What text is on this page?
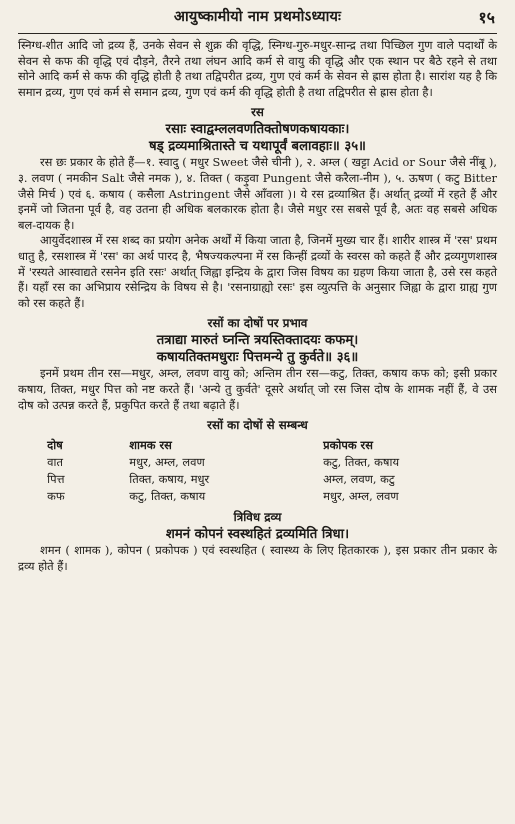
आयुष्कामीयो नाम प्रथमोऽध्यायः	१५

स्निग्ध-शीत आदि जो द्रव्य हैं, उनके सेवन से शुक्र की वृद्धि, स्निग्ध-गुरु-मधुर-सान्द्र तथा पिच्छिल गुण वाले पदार्थों के सेवन से कफ की वृद्धि एवं दौड़ने, तैरने तथा लंघन आदि कर्म से वायु की वृद्धि और एक स्थान पर बैठे रहने से तथा सोने आदि कर्म से कफ की वृद्धि होती है तथा तद्विपरीत द्रव्य, गुण एवं कर्म के सेवन से ह्रास होता है। सारांश यह है कि समान द्रव्य, गुण एवं कर्म से समान द्रव्य, गुण एवं कर्म की वृद्धि होती है तथा तद्विपरीत से ह्रास होता है।

रस
रसाः स्वाद्वम्ललवणतिक्तोषणकषायकाः।
षड् द्रव्यमाश्रितास्ते च यथापूर्वं बलावहाः॥ ३५॥

रस छः प्रकार के होते हैं—१. स्वादु ( मधुर Sweet जैसे चीनी ), २. अम्ल ( खट्टा Acid or Sour जैसे नींबू ), ३. लवण ( नमकीन Salt जैसे नमक ), ४. तिक्त ( कड़ुवा Pungent जैसे करैला-नीम ), ५. ऊषण ( कटु Bitter जैसे मिर्च ) एवं ६. कषाय ( कसैला Astringent जैसे आँवला )। ये रस द्रव्याश्रित हैं। अर्थात् द्रव्यों में रहते हैं और इनमें जो जितना पूर्व है, वह उतना ही अधिक बलकारक होता है। जैसे मधुर रस सबसे पूर्व है, अतः वह सबसे अधिक बल-दायक है।

आयुर्वेदशास्त्र में रस शब्द का प्रयोग अनेक अर्थों में किया जाता है, जिनमें मुख्य चार हैं। शारीर शास्त्र में 'रस' प्रथम धातु है, रसशास्त्र में 'रस' का अर्थ पारद है, भैषज्यकल्पना में रस किन्हीं द्रव्यों के स्वरस को कहते हैं और द्रव्यगुणशास्त्र में 'रस्यते आस्वाद्यते रसनेन इति रसः' अर्थात् जिह्वा इन्द्रिय के द्वारा जिस विषय का ग्रहण किया जाता है, उसे रस कहते हैं। यहाँ रस का अभिप्राय रसेन्द्रिय के विषय से है। 'रसनाग्राह्यो रसः' इस व्युत्पत्ति के अनुसार जिह्वा के द्वारा ग्राह्य गुण को रस कहते हैं।

रसों का दोषों पर प्रभाव
तत्राद्या मारुतं घ्नन्ति त्रयस्तिक्तादयः कफम्।
कषायतिक्तमधुराः पित्तमन्ये तु कुर्वते॥ ३६॥

इनमें प्रथम तीन रस—मधुर, अम्ल, लवण वायु को; अन्तिम तीन रस—कटु, तिक्त, कषाय कफ को; इसी प्रकार कषाय, तिक्त, मधुर पित्त को नष्ट करते हैं। 'अन्ये तु कुर्वते' दूसरे अर्थात् जो रस जिस दोष के शामक नहीं हैं, वे उस दोष को उत्पन्न करते हैं, प्रकुपित करते हैं तथा बढ़ाते हैं।

रसों का दोषों से सम्बन्ध
दोष	शामक रस	प्रकोपक रस
वात	मधुर, अम्ल, लवण	कटु, तिक्त, कषाय
पित्त	तिक्त, कषाय, मधुर	अम्ल, लवण, कटु
कफ	कटु, तिक्त, कषाय	मधुर, अम्ल, लवण
त्रिविध द्रव्य
शमनं कोपनं स्वस्थहितं द्रव्यमिति त्रिधा।

शमन ( शामक ), कोपन ( प्रकोपक ) एवं स्वस्थहित ( स्वास्थ्य के लिए हितकारक ), इस प्रकार तीन प्रकार के द्रव्य होते हैं।
